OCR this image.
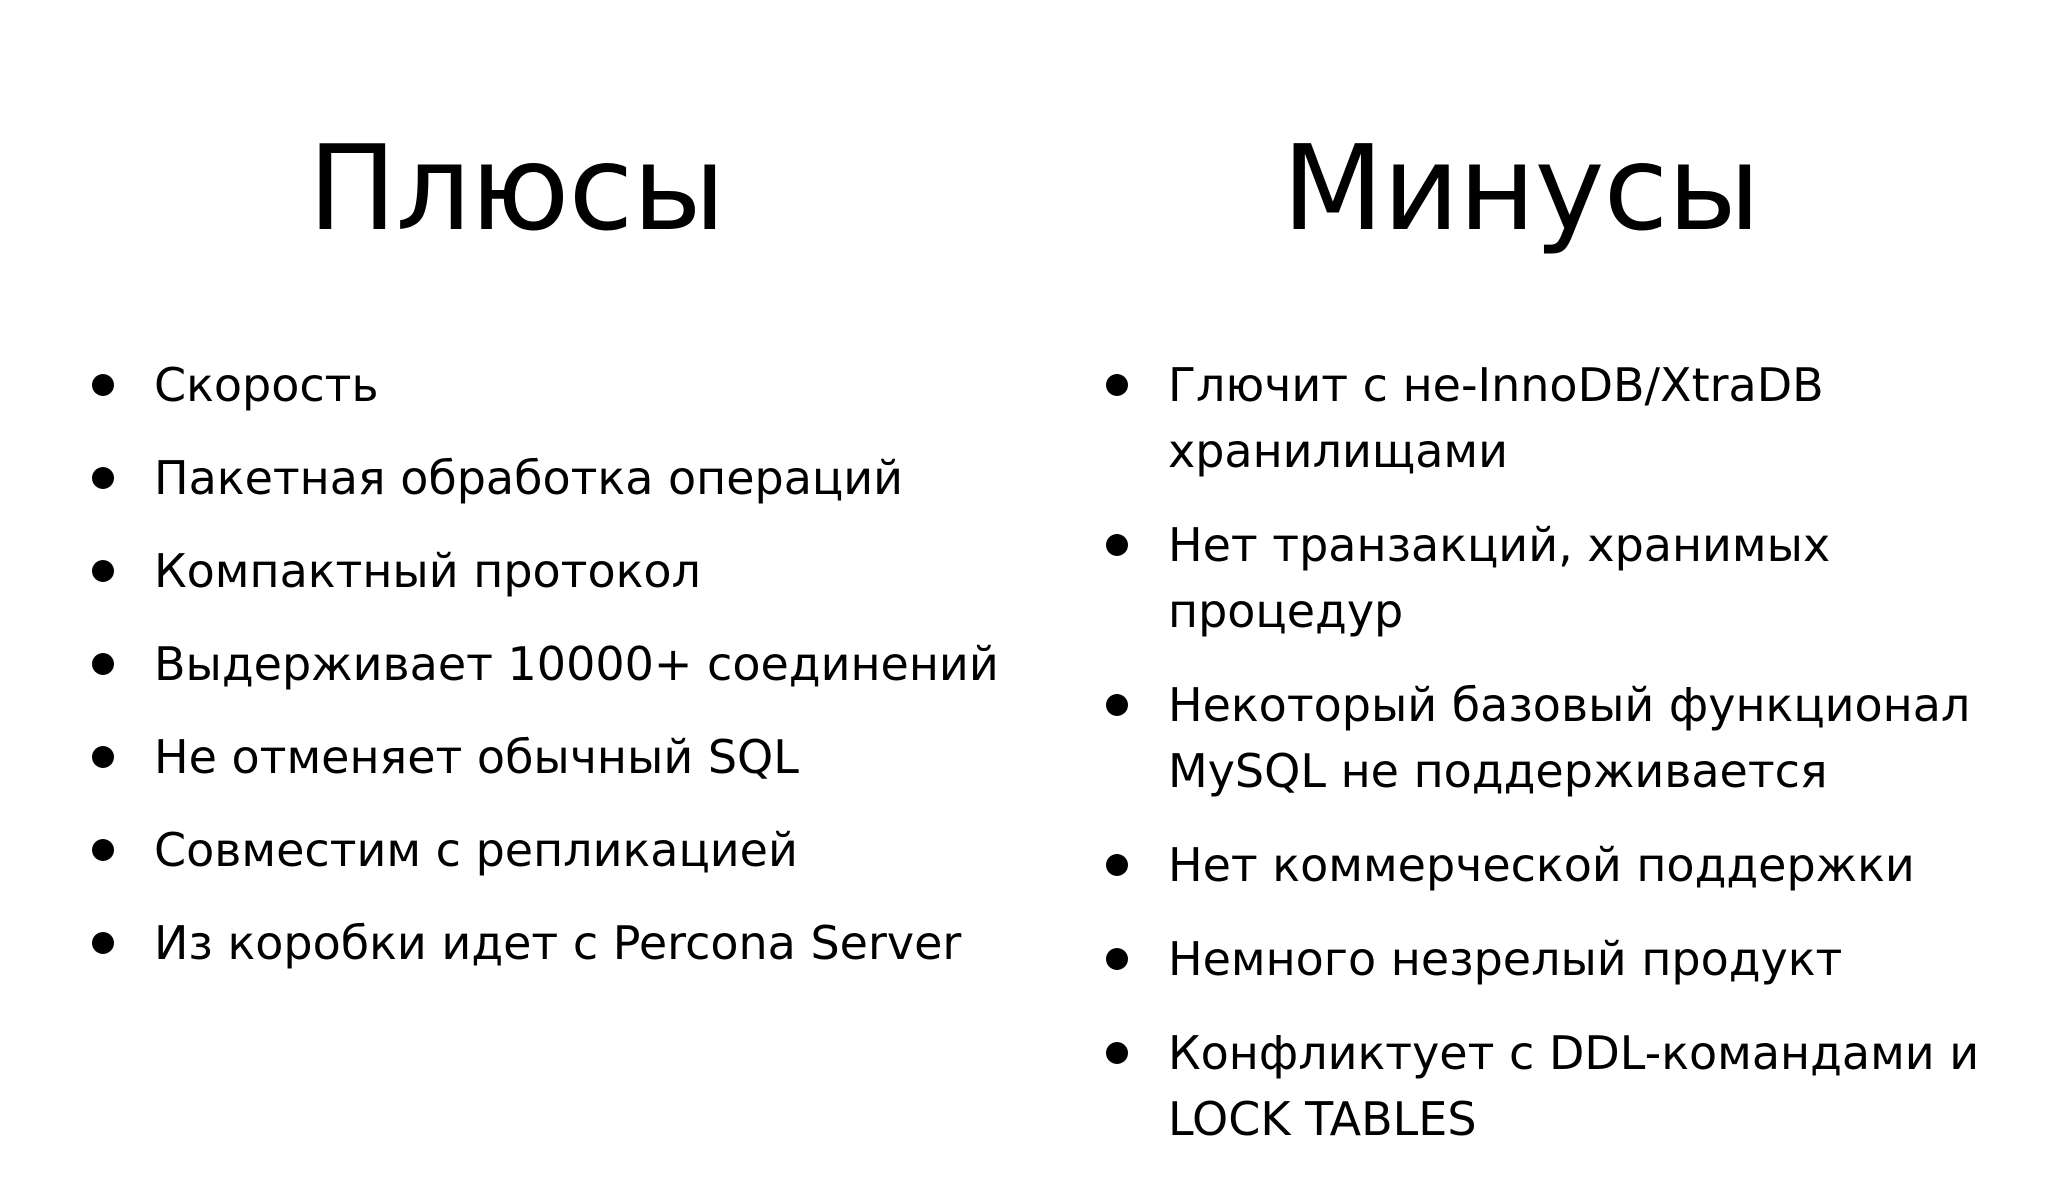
Плюсы
Скорость
Пакетная обработка операций
Компактный протокол
Выдерживает 10000+ соединений
Не отменяет обычный SQL
Совместим с репликацией
Из коробки идет с Percona Server
Минусы
Глючит с не-InnoDB/XtraDB хранилищами
Нет транзакций, хранимых процедур
Некоторый базовый функционал MySQL не поддерживается
Нет коммерческой поддержки
Немного незрелый продукт
Конфликтует с DDL-командами и LOCK TABLES
